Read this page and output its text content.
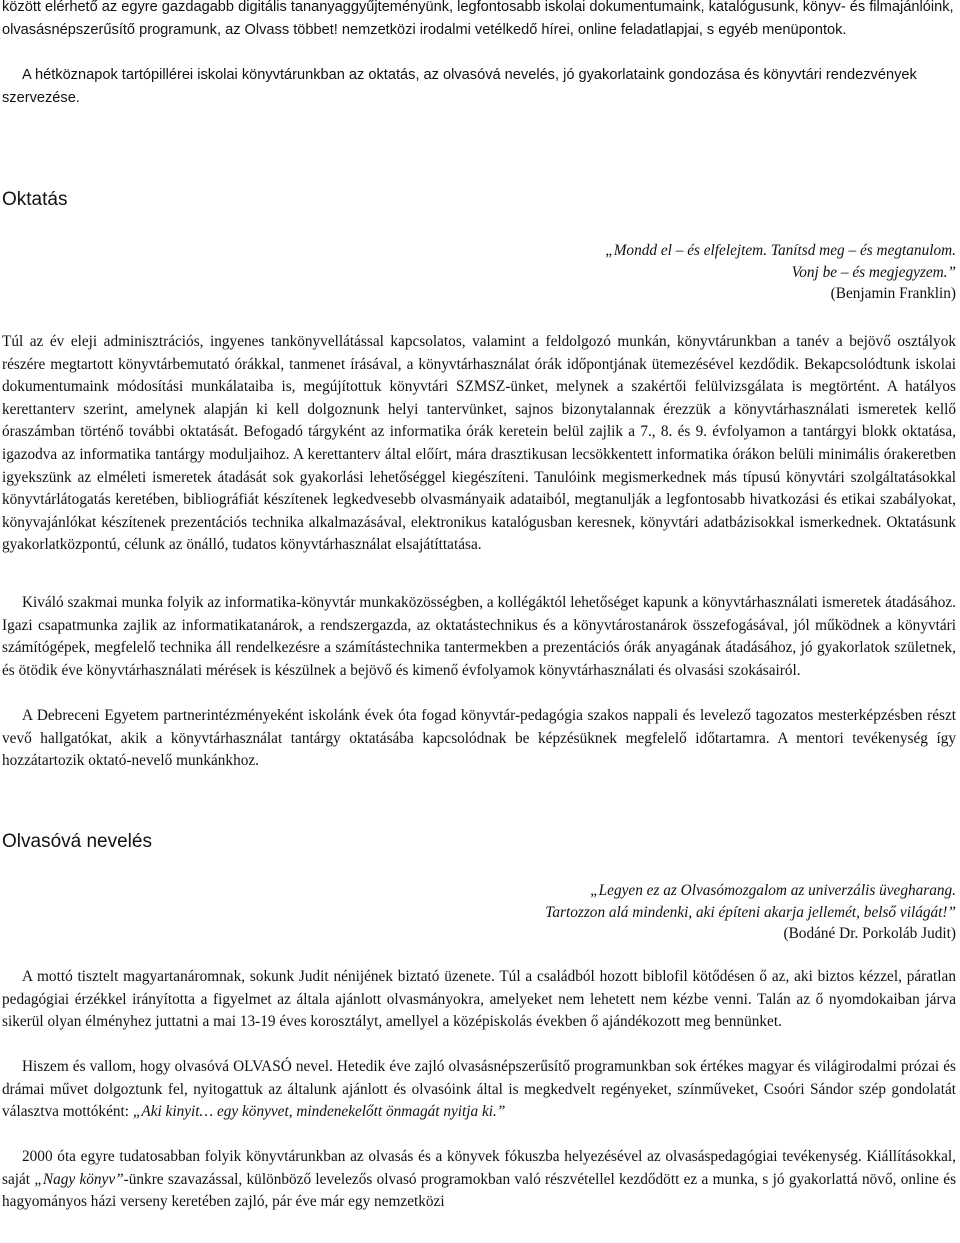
között elérhető az egyre gazdagabb digitális tananyaggyűjteményünk, legfontosabb iskolai dokumentumaink, katalógusunk, könyv- és filmajánlóink, olvasásnépszerűsítő programunk, az Olvass többet! nemzetközi irodalmi vetélkedő hírei, online feladatlapjai, s egyéb menüpontok.

A hétköznapok tartópillérei iskolai könyvtárunkban az oktatás, az olvasóvá nevelés, jó gyakorlataink gondozása és könyvtári rendezvények szervezése.

Oktatás
„Mondd el – és elfelejtem. Tanítsd meg – és megtanulom.
Vonj be – és megjegyzem.”
(Benjamin Franklin)

Túl az év eleji adminisztrációs, ingyenes tankönyvellátással kapcsolatos, valamint a feldolgozó munkán, könyvtárunkban a tanév a bejövő osztályok részére megtartott könyvtárbemutató órákkal, tanmenet írásával, a könyvtárhasználat órák időpontjának ütemezésével kezdődik. Bekapcsolódtunk iskolai dokumentumaink módosítási munkálataiba is, megújítottuk könyvtári SZMSZ-ünket, melynek a szakértői felülvizsgálata is megtörtént. A hatályos kerettanterv szerint, amelynek alapján ki kell dolgoznunk helyi tantervünket, sajnos bizonytalannak érezzük a könyvtárhasználati ismeretek kellő óraszámban történő további oktatását. Befogadó tárgyként az informatika órák keretein belül zajlik a 7., 8. és 9. évfolyamon a tantárgyi blokk oktatása, igazodva az informatika tantárgy moduljaihoz. A kerettanterv által előírt, mára drasztikusan lecsökkentett informatika órákon belüli minimális órakeretben igyekszünk az elméleti ismeretek átadását sok gyakorlási lehetőséggel kiegészíteni. Tanulóink megismerkednek más típusú könyvtári szolgáltatásokkal könyvtárlátogatás keretében, bibliográfiát készítenek legkedvesebb olvasmányaik adataiból, megtanulják a legfontosabb hivatkozási és etikai szabályokat, könyvajánlókat készítenek prezentációs technika alkalmazásával, elektronikus katalógusban keresnek, könyvtári adatbázisokkal ismerkednek. Oktatásunk gyakorlatközpontú, célunk az önálló, tudatos könyvtárhasználat elsajátíttatása.

Kiváló szakmai munka folyik az informatika-könyvtár munkaközösségben, a kollégáktól lehetőséget kapunk a könyvtárhasználati ismeretek átadásához. Igazi csapatmunka zajlik az informatikatanárok, a rendszergazda, az oktatástechnikus és a könyvtárostanárok összefogásával, jól működnek a könyvtári számítógépek, megfelelő technika áll rendelkezésre a számítástechnika tantermekben a prezentációs órák anyagának átadásához, jó gyakorlatok születnek, és ötödik éve könyvtárhasználati mérések is készülnek a bejövő és kimenő évfolyamok könyvtárhasználati és olvasási szokásairól.

A Debreceni Egyetem partnerintézményeként iskolánk évek óta fogad könyvtár-pedagógia szakos nappali és levelező tagozatos mesterképzésben részt vevő hallgatókat, akik a könyvtárhasználat tantárgy oktatásába kapcsolódnak be képzésüknek megfelelő időtartamra. A mentori tevékenység így hozzátartozik oktató-nevelő munkánkhoz.

Olvasóvá nevelés
„Legyen ez az Olvasómozgalom az univerzális üvegharang.
Tartozzon alá mindenki, aki építeni akarja jellemét, belső világát!”
(Bodáné Dr. Porkoláb Judit)

A mottó tisztelt magyartanáromnak, sokunk Judit nénijének biztató üzenete. Túl a családból hozott biblofil kötődésen ő az, aki biztos kézzel, páratlan pedagógiai érzékkel irányította a figyelmet az általa ajánlott olvasmányokra, amelyeket nem lehetett nem kézbe venni. Talán az ő nyomdokaiban járva sikerül olyan élményhez juttatni a mai 13-19 éves korosztályt, amellyel a középiskolás években ő ajándékozott meg bennünket.

Hiszem és vallom, hogy olvasóvá OLVASÓ nevel. Hetedik éve zajló olvasásnépszerűsítő programunkban sok értékes magyar és világirodalmi prózai és drámai művet dolgoztunk fel, nyitogattuk az általunk ajánlott és olvasóink által is megkedvelt regényeket, színműveket, Csoóri Sándor szép gondolatát választva mottóként: „Aki kinyit… egy könyvet, mindenekelőtt önmagát nyitja ki.”

2000 óta egyre tudatosabban folyik könyvtárunkban az olvasás és a könyvek fókuszba helyezésével az olvasáspedagógiai tevékenység. Kiállításokkal, saját „Nagy könyv”-ünkre szavazással, különböző levelezős olvasó programokban való részvétellel kezdődött ez a munka, s jó gyakorlattá növő, online és hagyományos házi verseny keretében zajló, pár éve már egy nemzetközi
